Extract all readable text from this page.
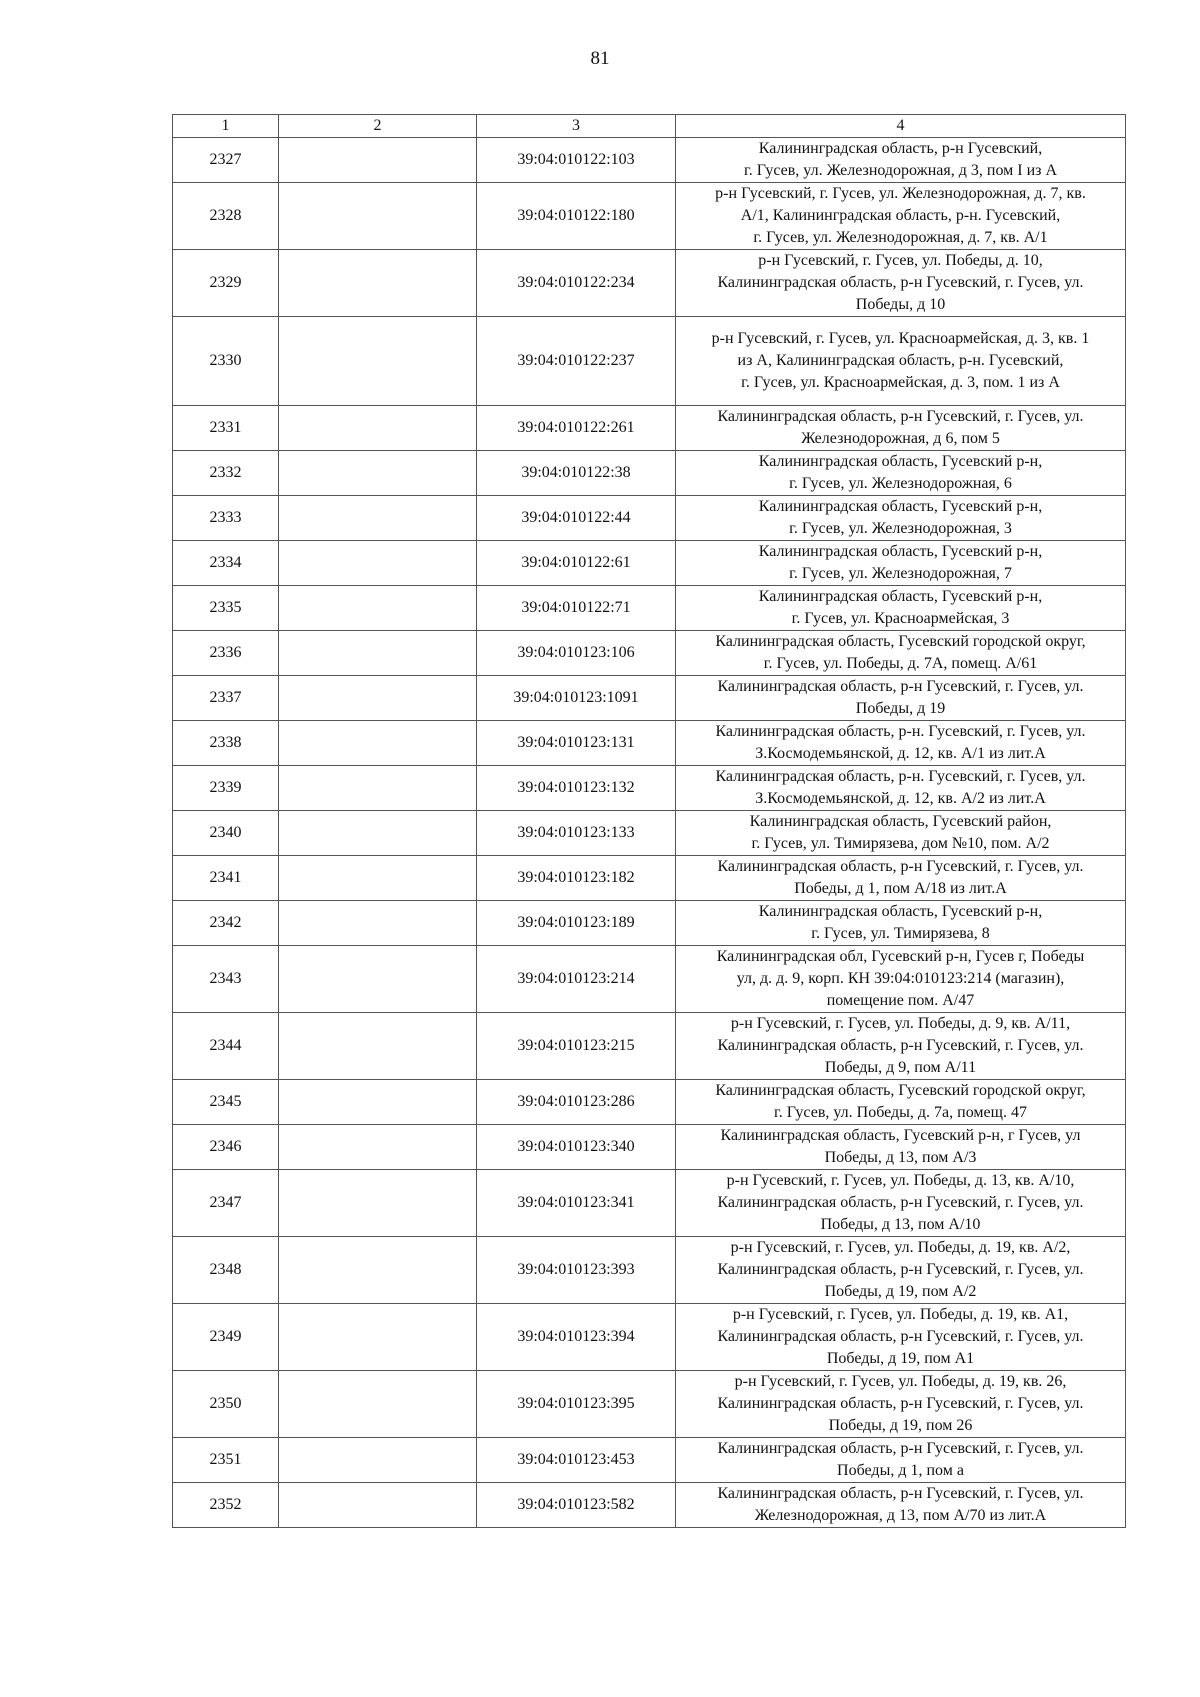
81
1	2	3	4
2327		39:04:010122:103	Калининградская область, р-н Гусевский,
г. Гусев, ул. Железнодорожная, д 3, пом I из А

2328		39:04:010122:180	р-н Гусевский, г. Гусев, ул. Железнодорожная, д. 7, кв.
А/1, Калининградская область, р-н. Гусевский,
г. Гусев, ул. Железнодорожная, д. 7, кв. А/1

2329		39:04:010122:234	р-н Гусевский, г. Гусев, ул. Победы, д. 10,
Калининградская область, р-н Гусевский, г. Гусев, ул.
Победы, д 10

2330		39:04:010122:237	р-н Гусевский, г. Гусев, ул. Красноармейская, д. 3, кв. 1
из А, Калининградская область, р-н. Гусевский,
г. Гусев, ул. Красноармейская, д. 3, пом. 1 из А

2331		39:04:010122:261	Калининградская область, р-н Гусевский, г. Гусев, ул.
Железнодорожная, д 6, пом 5

2332		39:04:010122:38	Калининградская область, Гусевский р-н,
г. Гусев, ул. Железнодорожная, 6

2333		39:04:010122:44	Калининградская область, Гусевский р-н,
г. Гусев, ул. Железнодорожная, 3

2334		39:04:010122:61	Калининградская область, Гусевский р-н,
г. Гусев, ул. Железнодорожная, 7

2335		39:04:010122:71	Калининградская область, Гусевский р-н,
г. Гусев, ул. Красноармейская, 3

2336		39:04:010123:106	Калининградская область, Гусевский городской округ,
г. Гусев, ул. Победы, д. 7А, помещ. А/61

2337		39:04:010123:1091	Калининградская область, р-н Гусевский, г. Гусев, ул.
Победы, д 19

2338		39:04:010123:131	Калининградская область, р-н. Гусевский, г. Гусев, ул.
З.Космодемьянской, д. 12, кв. А/1 из лит.А

2339		39:04:010123:132	Калининградская область, р-н. Гусевский, г. Гусев, ул.
З.Космодемьянской, д. 12, кв. А/2 из лит.А

2340		39:04:010123:133	Калининградская область, Гусевский район,
г. Гусев, ул. Тимирязева, дом №10, пом. А/2

2341		39:04:010123:182	Калининградская область, р-н Гусевский, г. Гусев, ул.
Победы, д 1, пом А/18 из лит.А

2342		39:04:010123:189	Калининградская область, Гусевский р-н,
г. Гусев, ул. Тимирязева, 8

2343		39:04:010123:214	Калининградская обл, Гусевский р-н, Гусев г, Победы
ул, д. д. 9, корп. КН 39:04:010123:214 (магазин),
помещение пом. А/47

2344		39:04:010123:215	р-н Гусевский, г. Гусев, ул. Победы, д. 9, кв. А/11,
Калининградская область, р-н Гусевский, г. Гусев, ул.
Победы, д 9, пом А/11

2345		39:04:010123:286	Калининградская область, Гусевский городской округ,
г. Гусев, ул. Победы, д. 7а, помещ. 47

2346		39:04:010123:340	Калининградская область, Гусевский р-н, г Гусев, ул
Победы, д 13, пом А/3

2347		39:04:010123:341	р-н Гусевский, г. Гусев, ул. Победы, д. 13, кв. А/10,
Калининградская область, р-н Гусевский, г. Гусев, ул.
Победы, д 13, пом А/10

2348		39:04:010123:393	р-н Гусевский, г. Гусев, ул. Победы, д. 19, кв. А/2,
Калининградская область, р-н Гусевский, г. Гусев, ул.
Победы, д 19, пом А/2

2349		39:04:010123:394	р-н Гусевский, г. Гусев, ул. Победы, д. 19, кв. А1,
Калининградская область, р-н Гусевский, г. Гусев, ул.
Победы, д 19, пом А1

2350		39:04:010123:395	р-н Гусевский, г. Гусев, ул. Победы, д. 19, кв. 26,
Калининградская область, р-н Гусевский, г. Гусев, ул.
Победы, д 19, пом 26

2351		39:04:010123:453	Калининградская область, р-н Гусевский, г. Гусев, ул.
Победы, д 1, пом а

2352		39:04:010123:582	Калининградская область, р-н Гусевский, г. Гусев, ул.
Железнодорожная, д 13, пом А/70 из лит.А
